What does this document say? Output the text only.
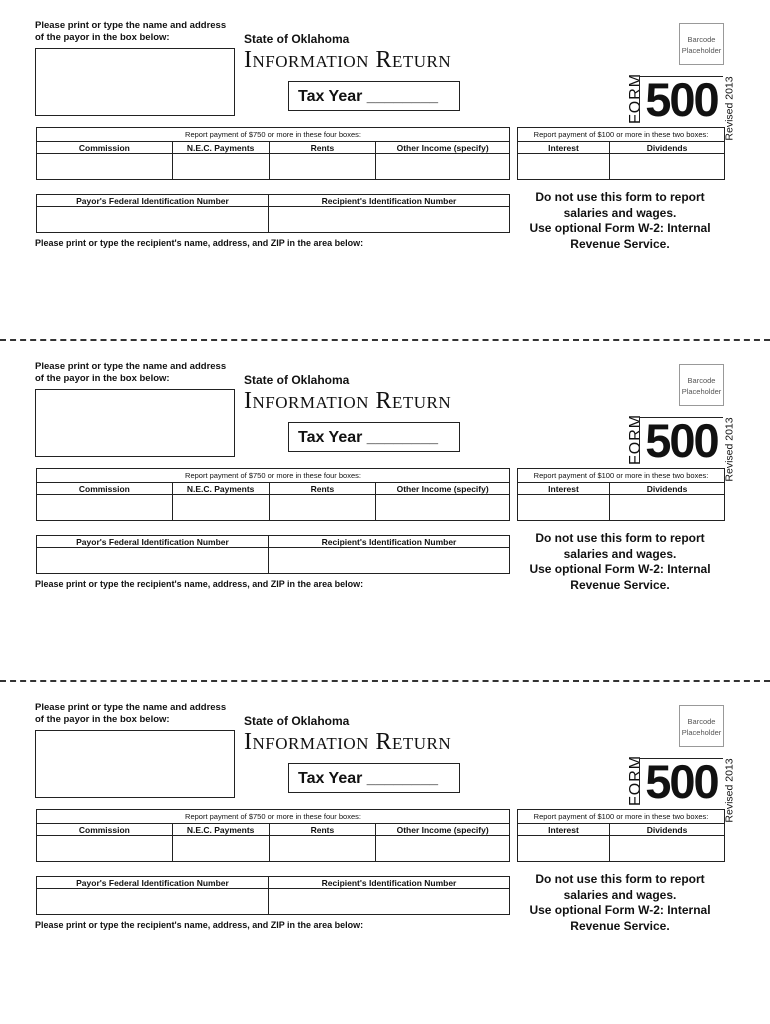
Please print or type the name and address
of the payor in the box below:	State of Oklahoma
Information Return
Tax Year ________
Barcode
Placeholder
FORM 500 Revised 2013
Report payment of $750 or more in these four boxes:			
Commission	N.E.C. Payments	Rents	Other Income (specify)

Report payment of $100 or more in these two boxes:	
Interest	Dividends

Payor's Federal Identification Number	Recipient's Identification Number
		Do not use this form to report
salaries and wages.
Use optional Form W-2: Internal
Revenue Service.
Please print or type the recipient's name, address, and ZIP in the area below:
Please print or type the name and address
of the payor in the box below:	State of Oklahoma
Information Return
Tax Year ________
Barcode
Placeholder
FORM 500 Revised 2013
Report payment of $750 or more in these four boxes:			
Commission	N.E.C. Payments	Rents	Other Income (specify)

Report payment of $100 or more in these two boxes:	
Interest	Dividends

Payor's Federal Identification Number	Recipient's Identification Number
		Do not use this form to report
salaries and wages.
Use optional Form W-2: Internal
Revenue Service.
Please print or type the recipient's name, address, and ZIP in the area below:
Please print or type the name and address
of the payor in the box below:	State of Oklahoma
Information Return
Tax Year ________
Barcode
Placeholder
FORM 500 Revised 2013
Report payment of $750 or more in these four boxes:			
Commission	N.E.C. Payments	Rents	Other Income (specify)

Report payment of $100 or more in these two boxes:	
Interest	Dividends

Payor's Federal Identification Number	Recipient's Identification Number
		Do not use this form to report
salaries and wages.
Use optional Form W-2: Internal
Revenue Service.
Please print or type the recipient's name, address, and ZIP in the area below:
